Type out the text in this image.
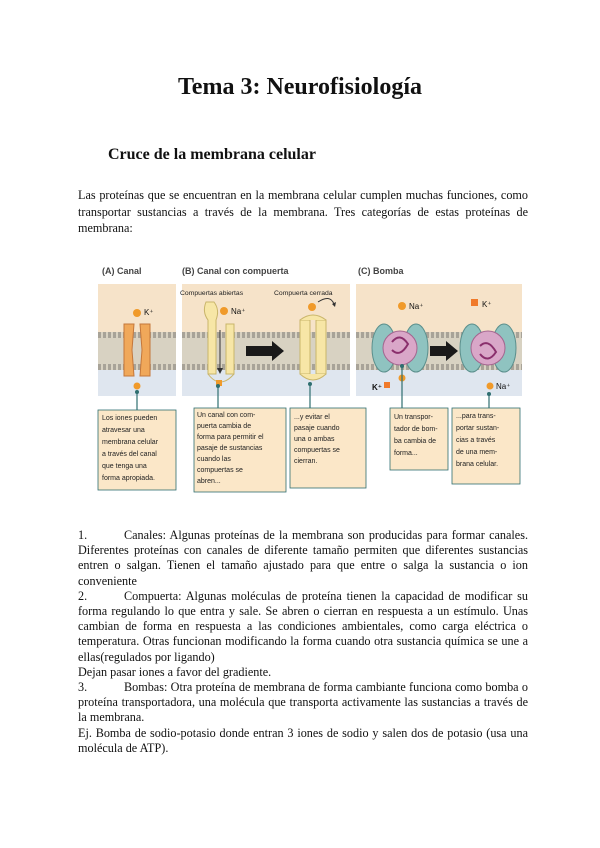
Tema 3: Neurofisiología
Cruce de la membrana celular

Las proteínas que se encuentran en la membrana celular cumplen muchas funciones, como transportar sustancias a través de la membrana. Tres categorías de estas proteínas de membrana:

(A) Canal	(B) Canal con compuerta	(C) Bomba
K⁺	Na⁺
Na⁺
K⁺
K⁺
Na⁺
Compuertas abiertas	Compuerta cerrada
Los iones pueden
atravesar una
membrana celular
a través del canal
que tenga una
forma apropiada.
Un canal con com-
puerta cambia de
forma para permitir el
pasaje de sustancias
cuando las
compuertas se
abren...
...y evitar el
pasaje cuando
una o ambas
compuertas se
cierran.
Un transpor-
tador de bom-
ba cambia de
forma...
...para trans-
portar sustan-
cias a través
de una mem-
brana celular.

1.	Canales: Algunas proteínas de la membrana son producidas para formar canales. Diferentes proteínas con canales de diferente tamaño permiten que diferentes sustancias entren o salgan. Tienen el tamaño ajustado para que entre o salga la sustancia o ion conveniente

2.	Compuerta: Algunas moléculas de proteína tienen la capacidad de modificar su forma regulando lo que entra y sale. Se abren o cierran en respuesta a un estímulo. Unas cambian de forma en respuesta a las condiciones ambientales, como carga eléctrica o temperatura. Otras funcionan modificando la forma cuando otra sustancia química se une a ellas(regulados por ligando)

Dejan pasar iones a favor del gradiente.

3.	Bombas: Otra proteína de membrana de forma cambiante funciona como bomba o proteína transportadora, una molécula que transporta activamente las sustancias a través de la membrana.

Ej. Bomba de sodio-potasio donde entran 3 iones de sodio y salen dos de potasio (usa una molécula de ATP).
